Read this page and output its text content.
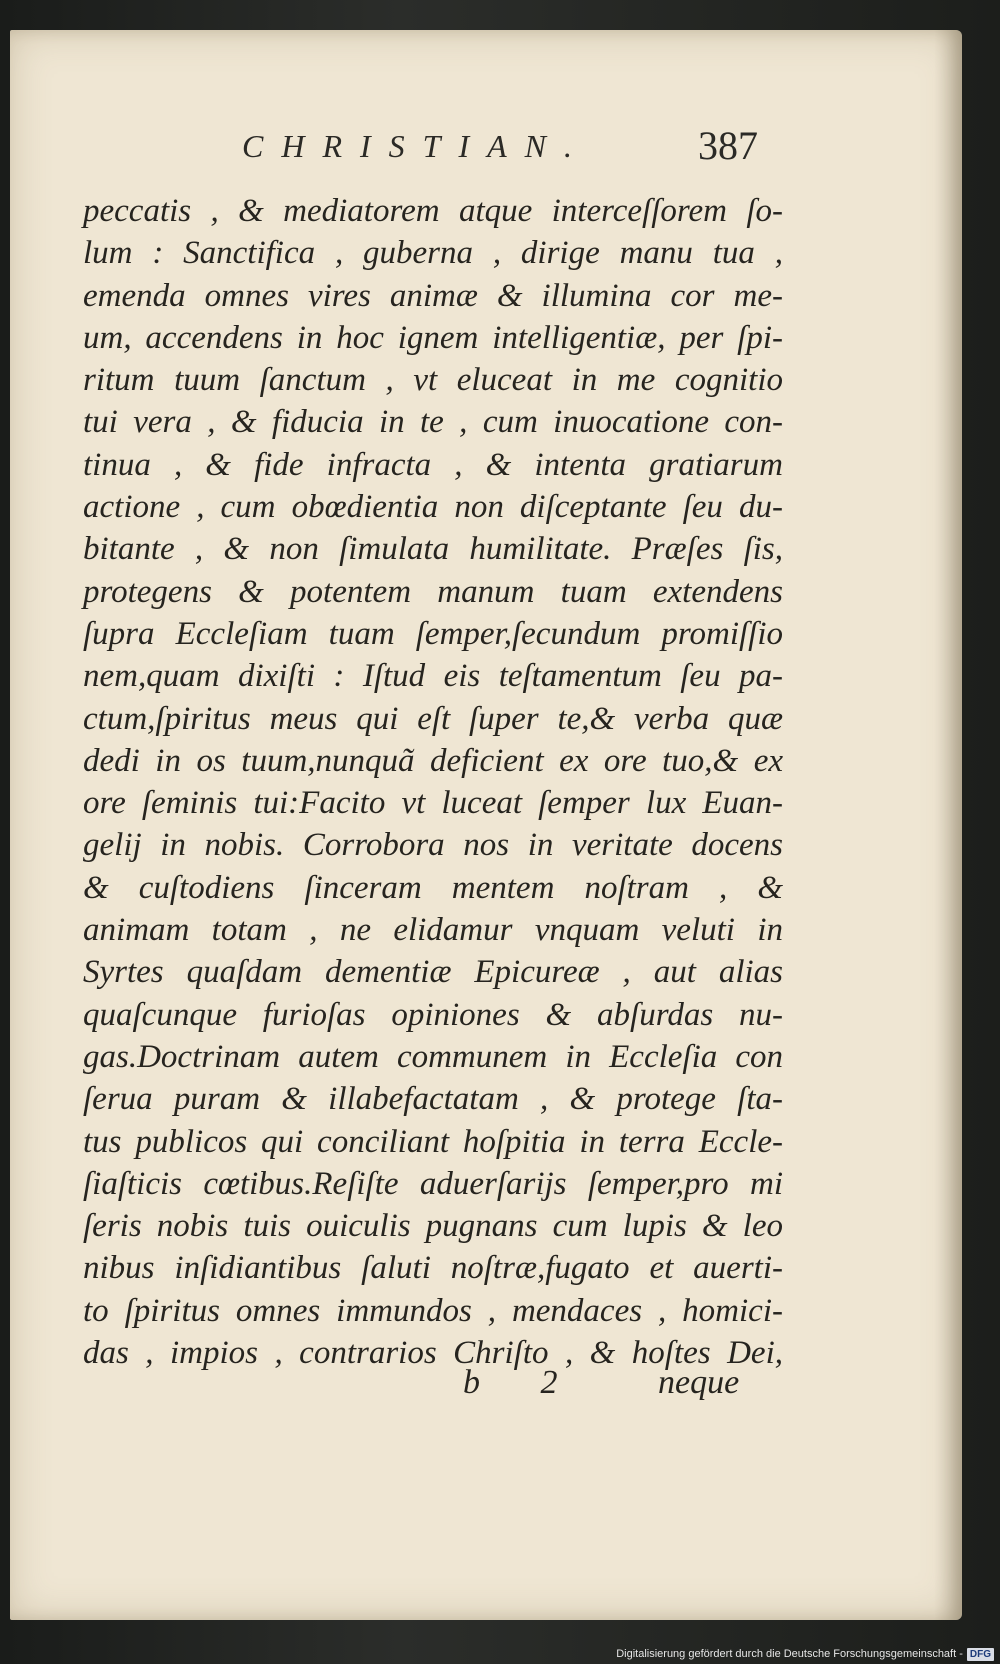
CHRISTIAN.	387
peccatis , & mediatorem atque interceſſorem ſo-
lum : Sanctifica , guberna , dirige manu tua ,
emenda omnes vires animæ & illumina cor me-
um, accendens in hoc ignem intelligentiæ, per ſpi-
ritum tuum ſanctum , vt eluceat in me cognitio
tui vera , & fiducia in te , cum inuocatione con-
tinua , & fide infracta , & intenta gratiarum
actione , cum obœdientia non diſceptante ſeu du-
bitante , & non ſimulata humilitate. Præſes ſis,
protegens & potentem manum tuam extendens
ſupra Eccleſiam tuam ſemper,ſecundum promiſſio
nem,quam dixiſti : Iſtud eis teſtamentum ſeu pa-
ctum,ſpiritus meus qui eſt ſuper te,& verba quæ
dedi in os tuum,nunquã deficient ex ore tuo,& ex
ore ſeminis tui:Facito vt luceat ſemper lux Euan-
gelij in nobis. Corrobora nos in veritate docens
& cuſtodiens ſinceram mentem noſtram , &
animam totam , ne elidamur vnquam veluti in
Syrtes quaſdam dementiæ Epicureæ , aut alias
quaſcunque furioſas opiniones & abſurdas nu-
gas.Doctrinam autem communem in Eccleſia con
ſerua puram & illabefactatam , & protege ſta-
tus publicos qui conciliant hoſpitia in terra Eccle-
ſiaſticis cœtibus.Reſiſte aduerſarijs ſemper,pro mi
ſeris nobis tuis ouiculis pugnans cum lupis & leo
nibus inſidiantibus ſaluti noſtræ,fugato et auerti-
to ſpiritus omnes immundos , mendaces , homici-
das , impios , contrarios Chriſto , & hoſtes Dei,
b 2 neque
Digitalisierung gefördert durch die Deutsche Forschungsgemeinschaft - DFG
